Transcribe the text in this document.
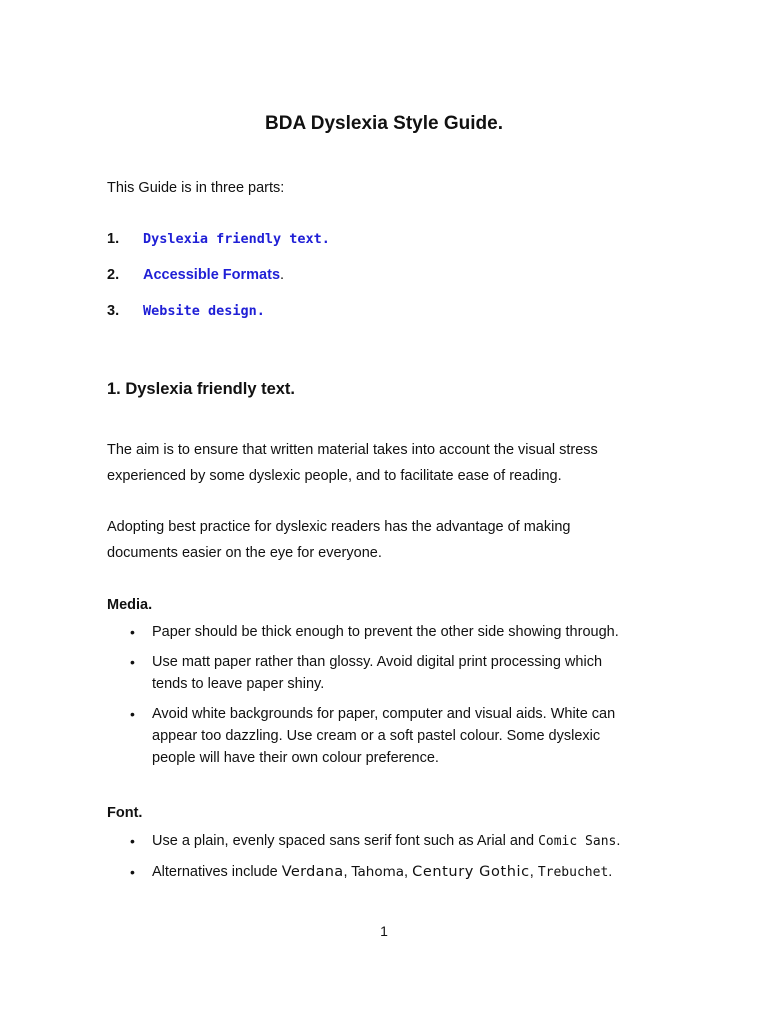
BDA Dyslexia Style Guide.
This Guide is in three parts:
1. Dyslexia friendly text.
2. Accessible Formats.
3. Website design.
1. Dyslexia friendly text.
The aim is to ensure that written material takes into account the visual stress
experienced by some dyslexic people, and to facilitate ease of reading.
Adopting best practice for dyslexic readers has the advantage of making
documents easier on the eye for everyone.
Media.
• Paper should be thick enough to prevent the other side showing through.
• Use matt paper rather than glossy. Avoid digital print processing which
tends to leave paper shiny.
• Avoid white backgrounds for paper, computer and visual aids. White can
appear too dazzling. Use cream or a soft pastel colour. Some dyslexic
people will have their own colour preference.
Font.
• Use a plain, evenly spaced sans serif font such as Arial and Comic Sans.
• Alternatives include Verdana, Tahoma, Century Gothic, Trebuchet.
1
